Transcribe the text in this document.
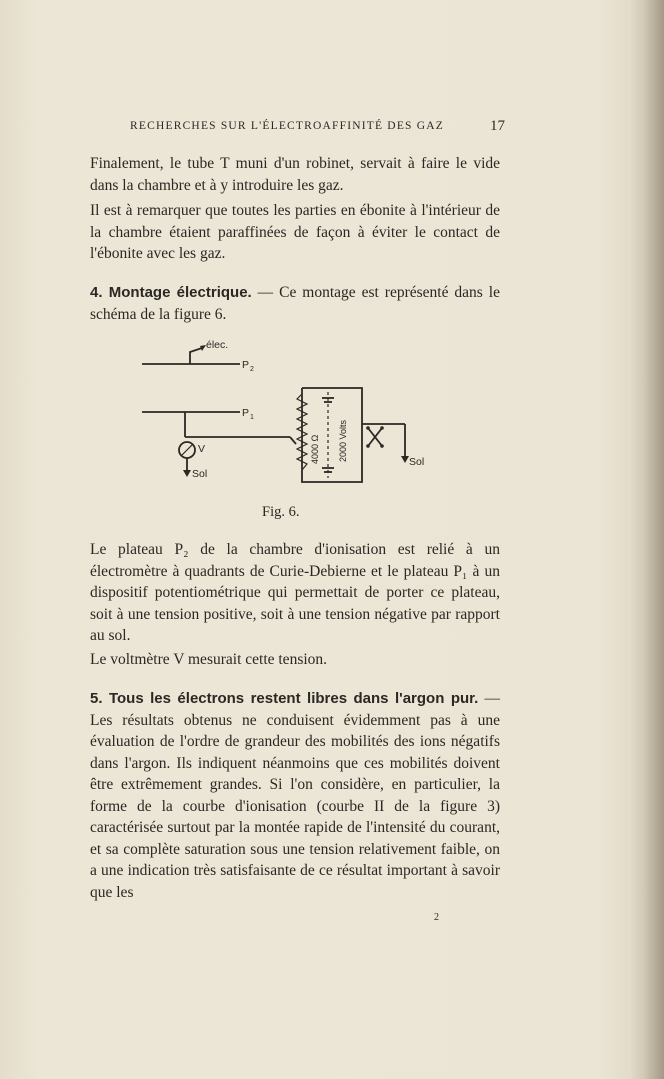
RECHERCHES SUR L'ÉLECTROAFFINITÉ DES GAZ	17

Finalement, le tube T muni d'un robinet, servait à faire le vide dans la chambre et à y introduire les gaz.

Il est à remarquer que toutes les parties en ébonite à l'intérieur de la chambre étaient paraffinées de façon à éviter le contact de l'ébonite avec les gaz.

4. Montage électrique. — Ce montage est représenté dans le schéma de la figure 6.

élec.
P 2
P 1
V
Sol
Sol
4000 Ω 2000 Volts
Fig. 6.

Le plateau P₂ de la chambre d'ionisation est relié à un électromètre à quadrants de Curie-Debierne et le plateau P₁ à un dispositif potentiométrique qui permettait de porter ce plateau, soit à une tension positive, soit à une tension négative par rapport au sol.

Le voltmètre V mesurait cette tension.

5. Tous les électrons restent libres dans l'argon pur. — Les résultats obtenus ne conduisent évidemment pas à une évaluation de l'ordre de grandeur des mobilités des ions négatifs dans l'argon. Ils indiquent néanmoins que ces mobilités doivent être extrêmement grandes. Si l'on considère, en particulier, la forme de la courbe d'ionisation (courbe II de la figure 3) caractérisée surtout par la montée rapide de l'intensité du courant, et sa complète saturation sous une tension relativement faible, on a une indication très satisfaisante de ce résultat important à savoir que les

2
